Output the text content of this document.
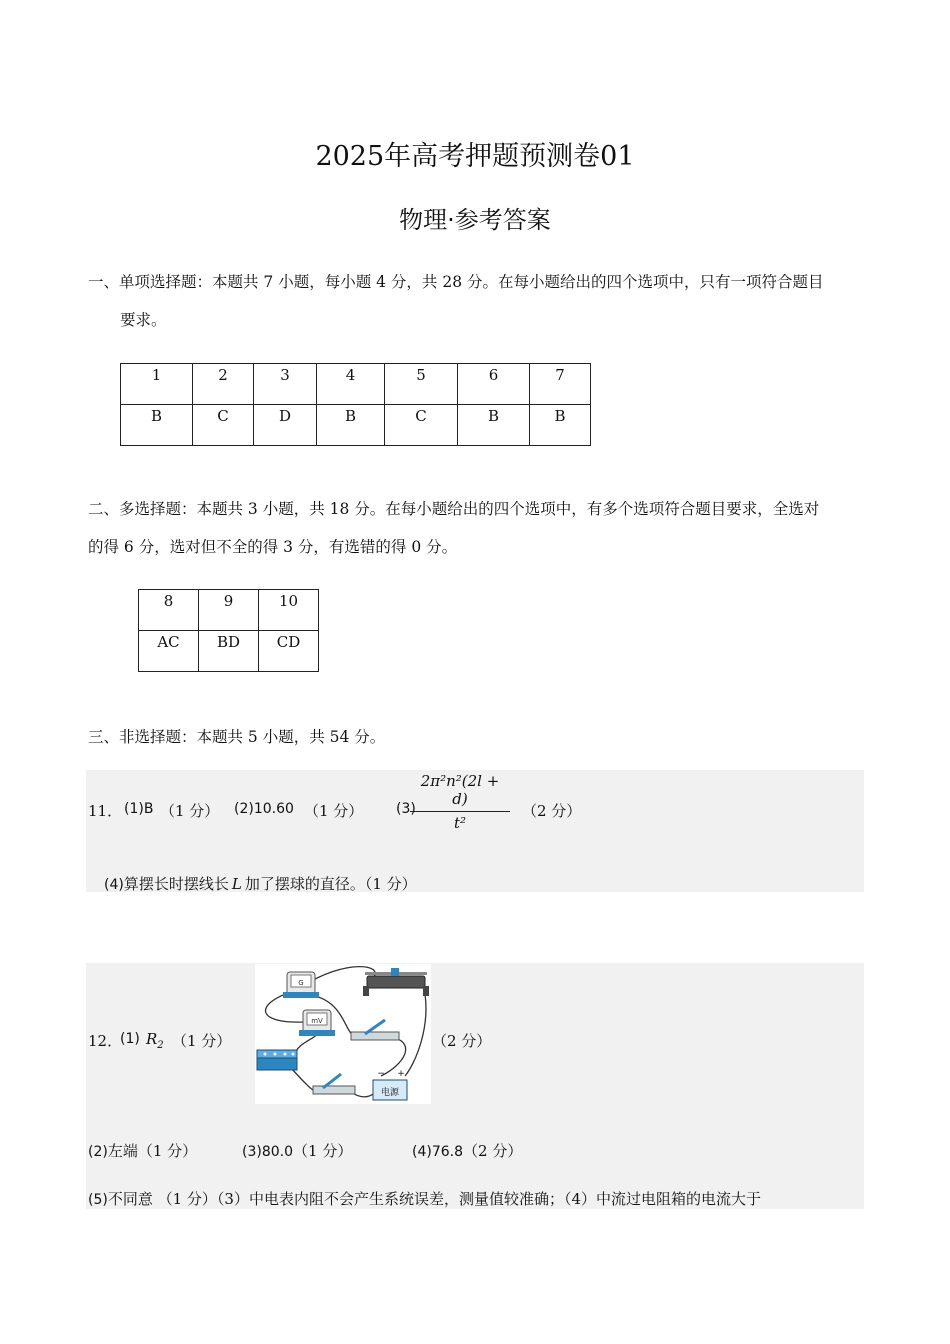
2025年高考押题预测卷01
物理·参考答案
一、单项选择题：本题共 7 小题，每小题 4 分，共 28 分。在每小题给出的四个选项中，只有一项符合题目
要求。
1	2	3	4	5	6	7
B	C	D	B	C	B	B
二、多选择题：本题共 3 小题，共 18 分。在每小题给出的四个选项中，有多个选项符合题目要求，全选对
的得 6 分，选对但不全的得 3 分，有选错的得 0 分。
8	9	10
AC	BD	CD
三、非选择题：本题共 5 小题，共 54 分。
11． (1)B （1 分） (2)10.60 （1 分） (3)
$\frac{\text{2π²n²(2l + d)}}{\text{t²}} (2$ 分）
(4)算摆长时摆线长 L 加了摆球的直径。（1 分）
12．
(1) $R_2$ （1 分）
G
mV
电源
− +
（2 分）
(2)左端（1 分）	(3)80.0（1 分）	(4)76.8（2 分）
(5)不同意 （1 分）（3）中电表内阻不会产生系统误差，测量值较准确；（4）中流过电阻箱的电流大于
